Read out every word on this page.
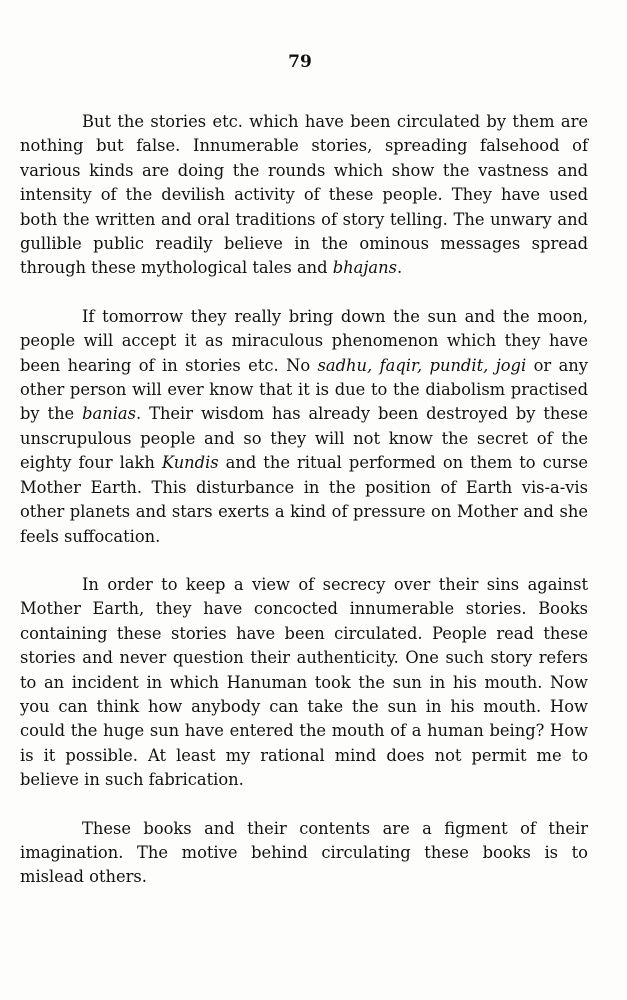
79

But the stories etc. which have been circulated by them are nothing but false. Innumerable stories, spreading falsehood of various kinds are doing the rounds which show the vastness and intensity of the devilish activity of these people. They have used both the written and oral traditions of story telling. The unwary and gullible public readily believe in the ominous messages spread through these mythological tales and bhajans.

If tomorrow they really bring down the sun and the moon, people will accept it as miraculous phenomenon which they have been hearing of in stories etc. No sadhu, faqir, pundit, jogi or any other person will ever know that it is due to the diabolism practised by the banias. Their wisdom has already been destroyed by these unscrupulous people and so they will not know the secret of the eighty four lakh Kundis and the ritual performed on them to curse Mother Earth. This disturbance in the position of Earth vis-a-vis other planets and stars exerts a kind of pressure on Mother and she feels suffocation.

In order to keep a view of secrecy over their sins against Mother Earth, they have concocted innumerable stories. Books containing these stories have been circulated. People read these stories and never question their authenticity. One such story refers to an incident in which Hanuman took the sun in his mouth. Now you can think how anybody can take the sun in his mouth. How could the huge sun have entered the mouth of a human being? How is it possible. At least my rational mind does not permit me to believe in such fabrication.

These books and their contents are a figment of their imagination. The motive behind circulating these books is to mislead others.
